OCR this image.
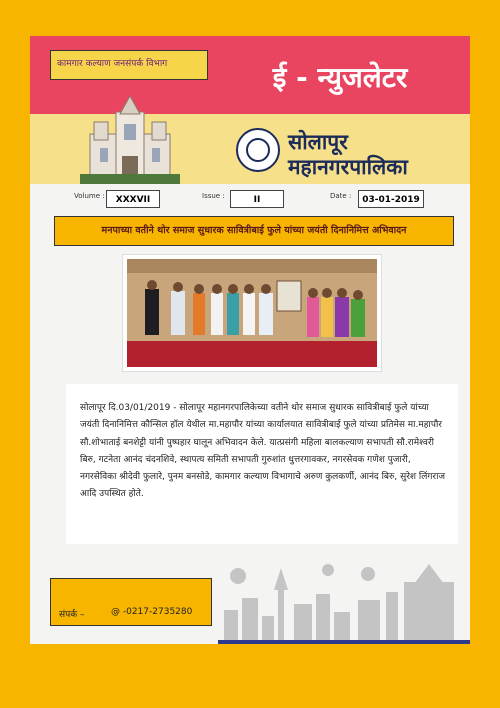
कामगार कल्याण जनसंपर्क विभाग	ई - न्युजलेटर
सोलापूर
महानगरपालिका
Volume :	XXXVII	Issue :	II	Date :	03-01-2019
मनपाच्या वतीने थोर समाज सुधारक सावित्रीबाई फुले यांच्या जयंती दिनानिमित्त अभिवादन
सोलापूर दि.03/01/2019 - सोलापूर महानगरपालिकेच्या वतीने थोर समाज सुधारक सावित्रीबाई फुले यांच्या जयंती दिनानिमित्त कौन्सिल हॉल येथील मा.महापौर यांच्या कार्यालयात सावित्रीबाई फुले यांच्या प्रतिमेस मा.महापौर सौ.शोभाताई बनशेट्टी यांनी पुष्पहार घालून अभिवादन केले. यात्प्रसंगी महिला बालकल्याण सभापती सौ.रामेश्वरी बिरु, गटनेता आनंद चंदनशिवे, स्थापत्य समिती सभापती गुरुशांत धुत्तरगावकर, नगरसेवक गणेश पुजारी, नगरसेविका श्रीदेवी फुलारे, पुनम बनसोडे, कामगार कल्याण विभागाचे अरुण कुलकर्णी, आनंद बिरु, सुरेश लिंगराज आदि उपस्थित होते.
संपर्क –	@ -0217-2735280
